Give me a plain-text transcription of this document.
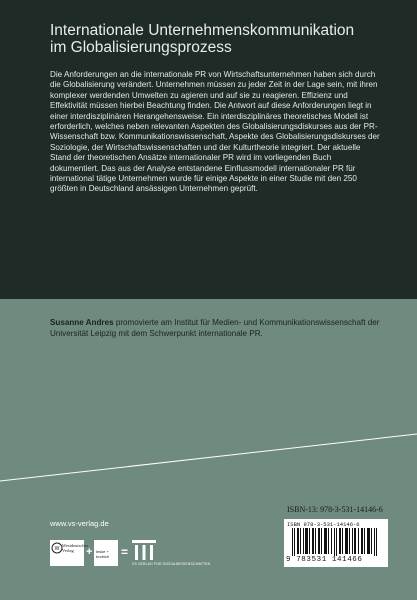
Internationale Unternehmenskommunikation
im Globalisierungsprozess

Die Anforderungen an die internationale PR von Wirtschaftsunternehmen haben sich durch die Globalisierung verändert. Unternehmen müssen zu jeder Zeit in der Lage sein, mit ihren komplexer werdenden Umwelten zu agieren und auf sie zu reagieren. Effizienz und Effektivität müssen hierbei Beachtung finden. Die Antwort auf diese Anforderungen liegt in einer interdisziplinären Herangehensweise. Ein interdisziplinäres theoretisches Modell ist erforderlich, welches neben relevanten Aspekten des Globalisierungsdiskurses aus der PR-Wissenschaft bzw. Kommunikationswissenschaft, Aspekte des Globalisierungsdiskurses der Soziologie, der Wirtschaftswissenschaften und der Kulturtheorie integriert. Der aktuelle Stand der theoretischen Ansätze internationaler PR wird im vorliegenden Buch dokumentiert. Das aus der Analyse entstandene Einflussmodell internationaler PR für international tätige Unternehmen wurde für einige Aspekte in einer Studie mit den 250 größten in Deutschland ansässigen Unternehmen geprüft.

Susanne Andres promovierte am Institut für Medien- und Kommunikationswissenschaft der Universität Leipzig mit dem Schwerpunkt internationale PR.

ISBN-13: 978-3-531-14146-6
ISBN 978-3-531-14146-6
9 783531 141466
www.vs-verlag.de
W
Westdeutscher Verlag	+ leske + budrich =
VS VERLAG FÜR SOZIALWISSENSCHAFTEN
